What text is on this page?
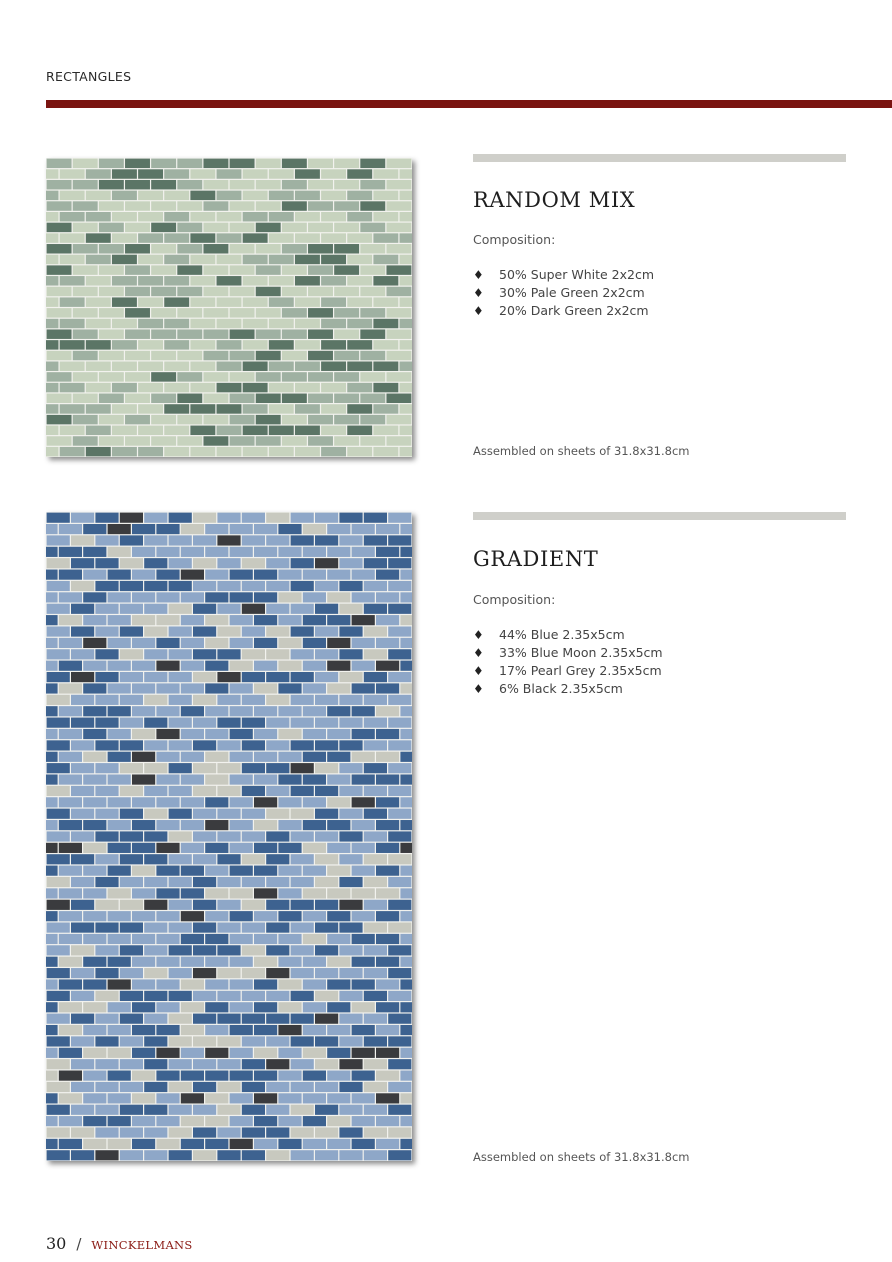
RECTANGLES
RANDOM MIX
Composition:
♦	50% Super White 2x2cm
♦	30% Pale Green 2x2cm
♦	20% Dark Green 2x2cm
Assembled on sheets of 31.8x31.8cm
GRADIENT
Composition:
♦	44% Blue 2.35x5cm
♦	33% Blue Moon 2.35x5cm
♦	17% Pearl Grey 2.35x5cm
♦	6% Black 2.35x5cm
Assembled on sheets of 31.8x31.8cm
30 / WINCKELMANS
